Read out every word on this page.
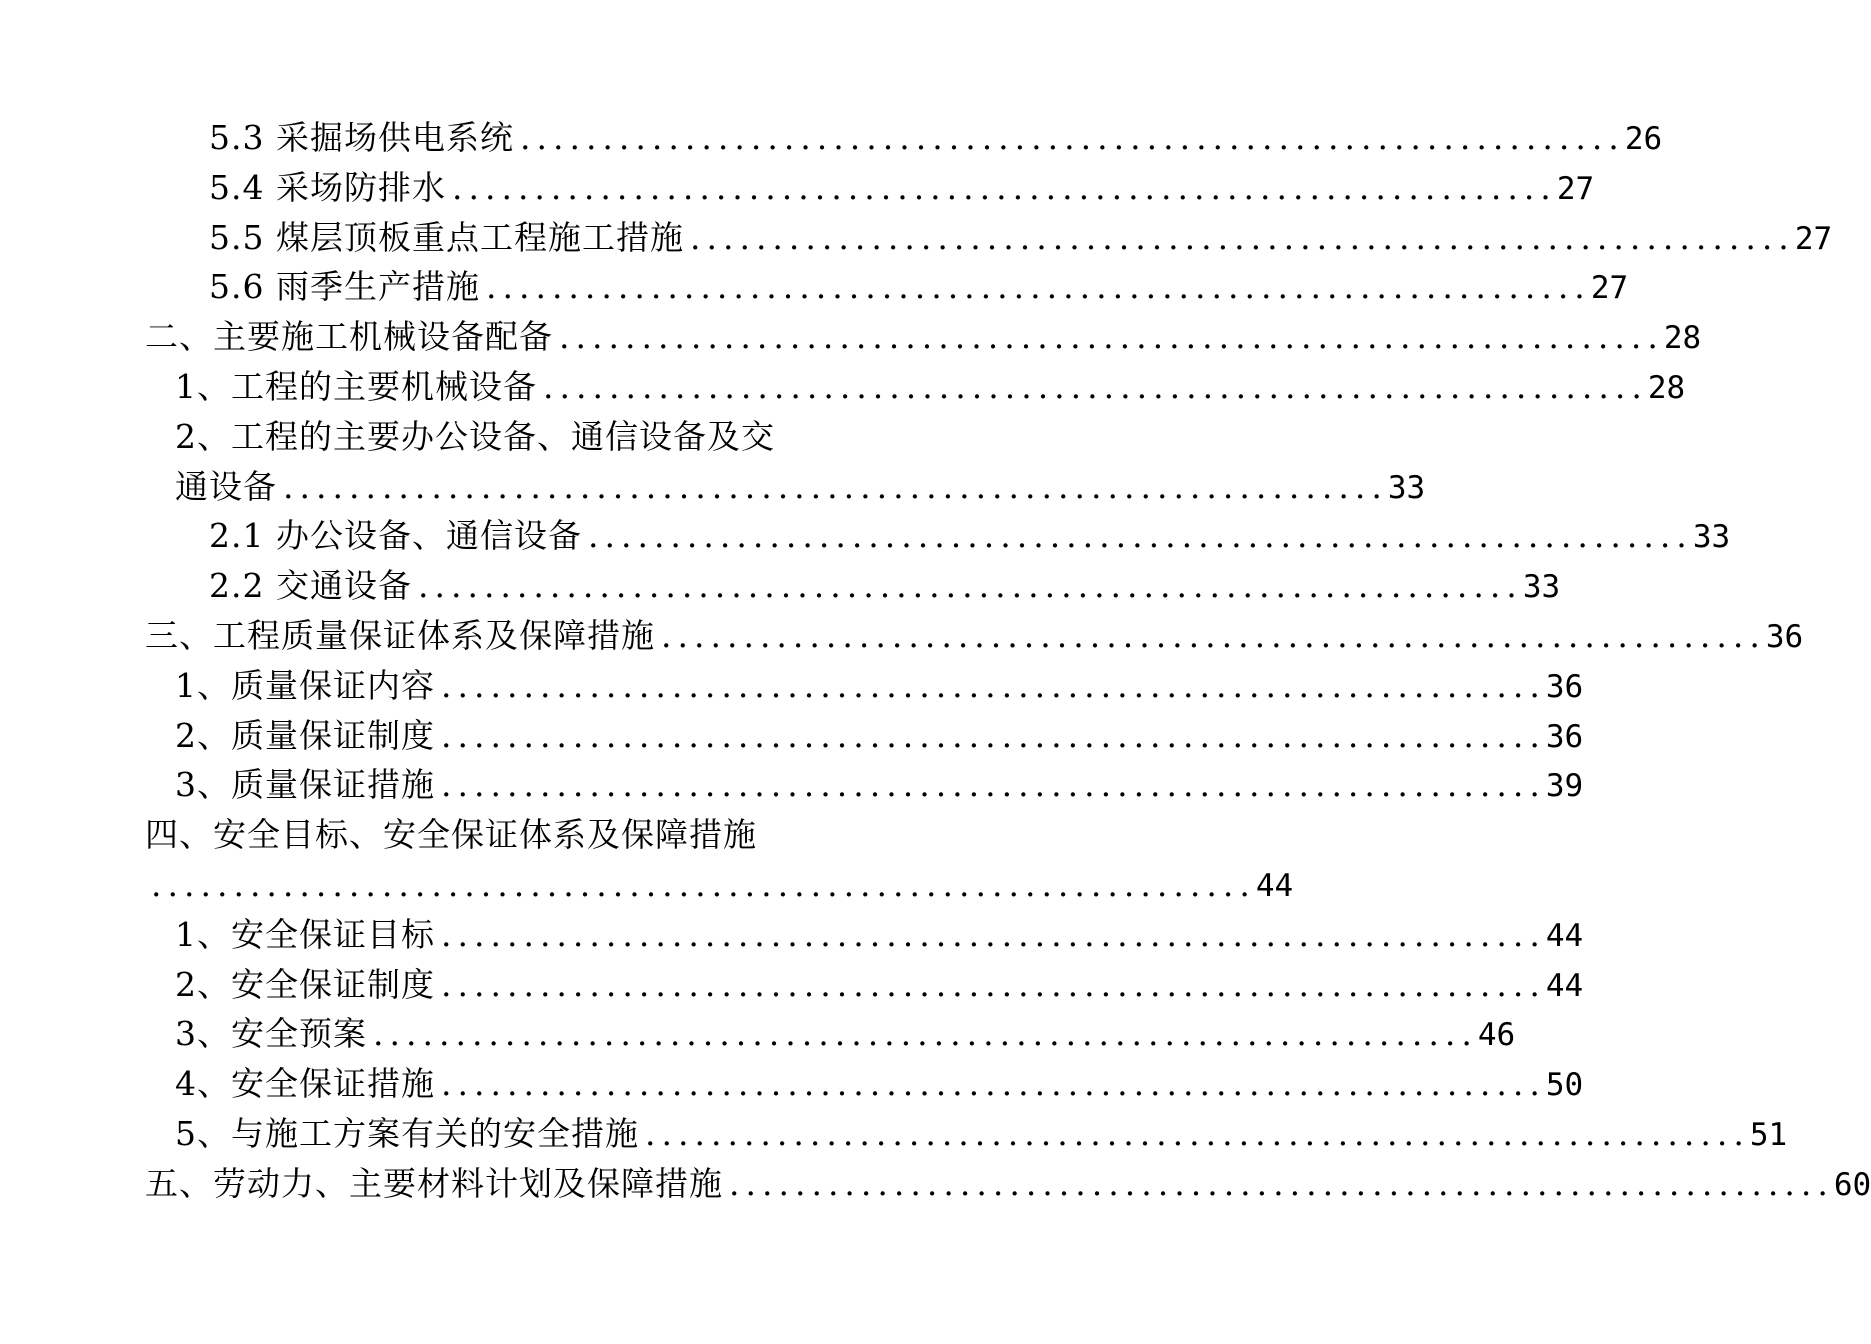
5.3 采掘场供电系统 ................................................................... 26
5.4 采场防排水 ................................................................... 27
5.5 煤层顶板重点工程施工措施 ................................................................... 27
5.6 雨季生产措施 ................................................................... 27
二、主要施工机械设备配备 ................................................................... 28
1、工程的主要机械设备 ................................................................... 28
2、工程的主要办公设备、通信设备及交
通设备 ................................................................... 33
2.1 办公设备、通信设备 ................................................................... 33
2.2 交通设备 ................................................................... 33
三、工程质量保证体系及保障措施 ................................................................... 36
1、质量保证内容 ................................................................... 36
2、质量保证制度 ................................................................... 36
3、质量保证措施 ................................................................... 39
四、安全目标、安全保证体系及保障措施
................................................................... 44
1、安全保证目标 ................................................................... 44
2、安全保证制度 ................................................................... 44
3、安全预案 ................................................................... 46
4、安全保证措施 ................................................................... 50
5、与施工方案有关的安全措施 ................................................................... 51
五、劳动力、主要材料计划及保障措施 ................................................................... 60
